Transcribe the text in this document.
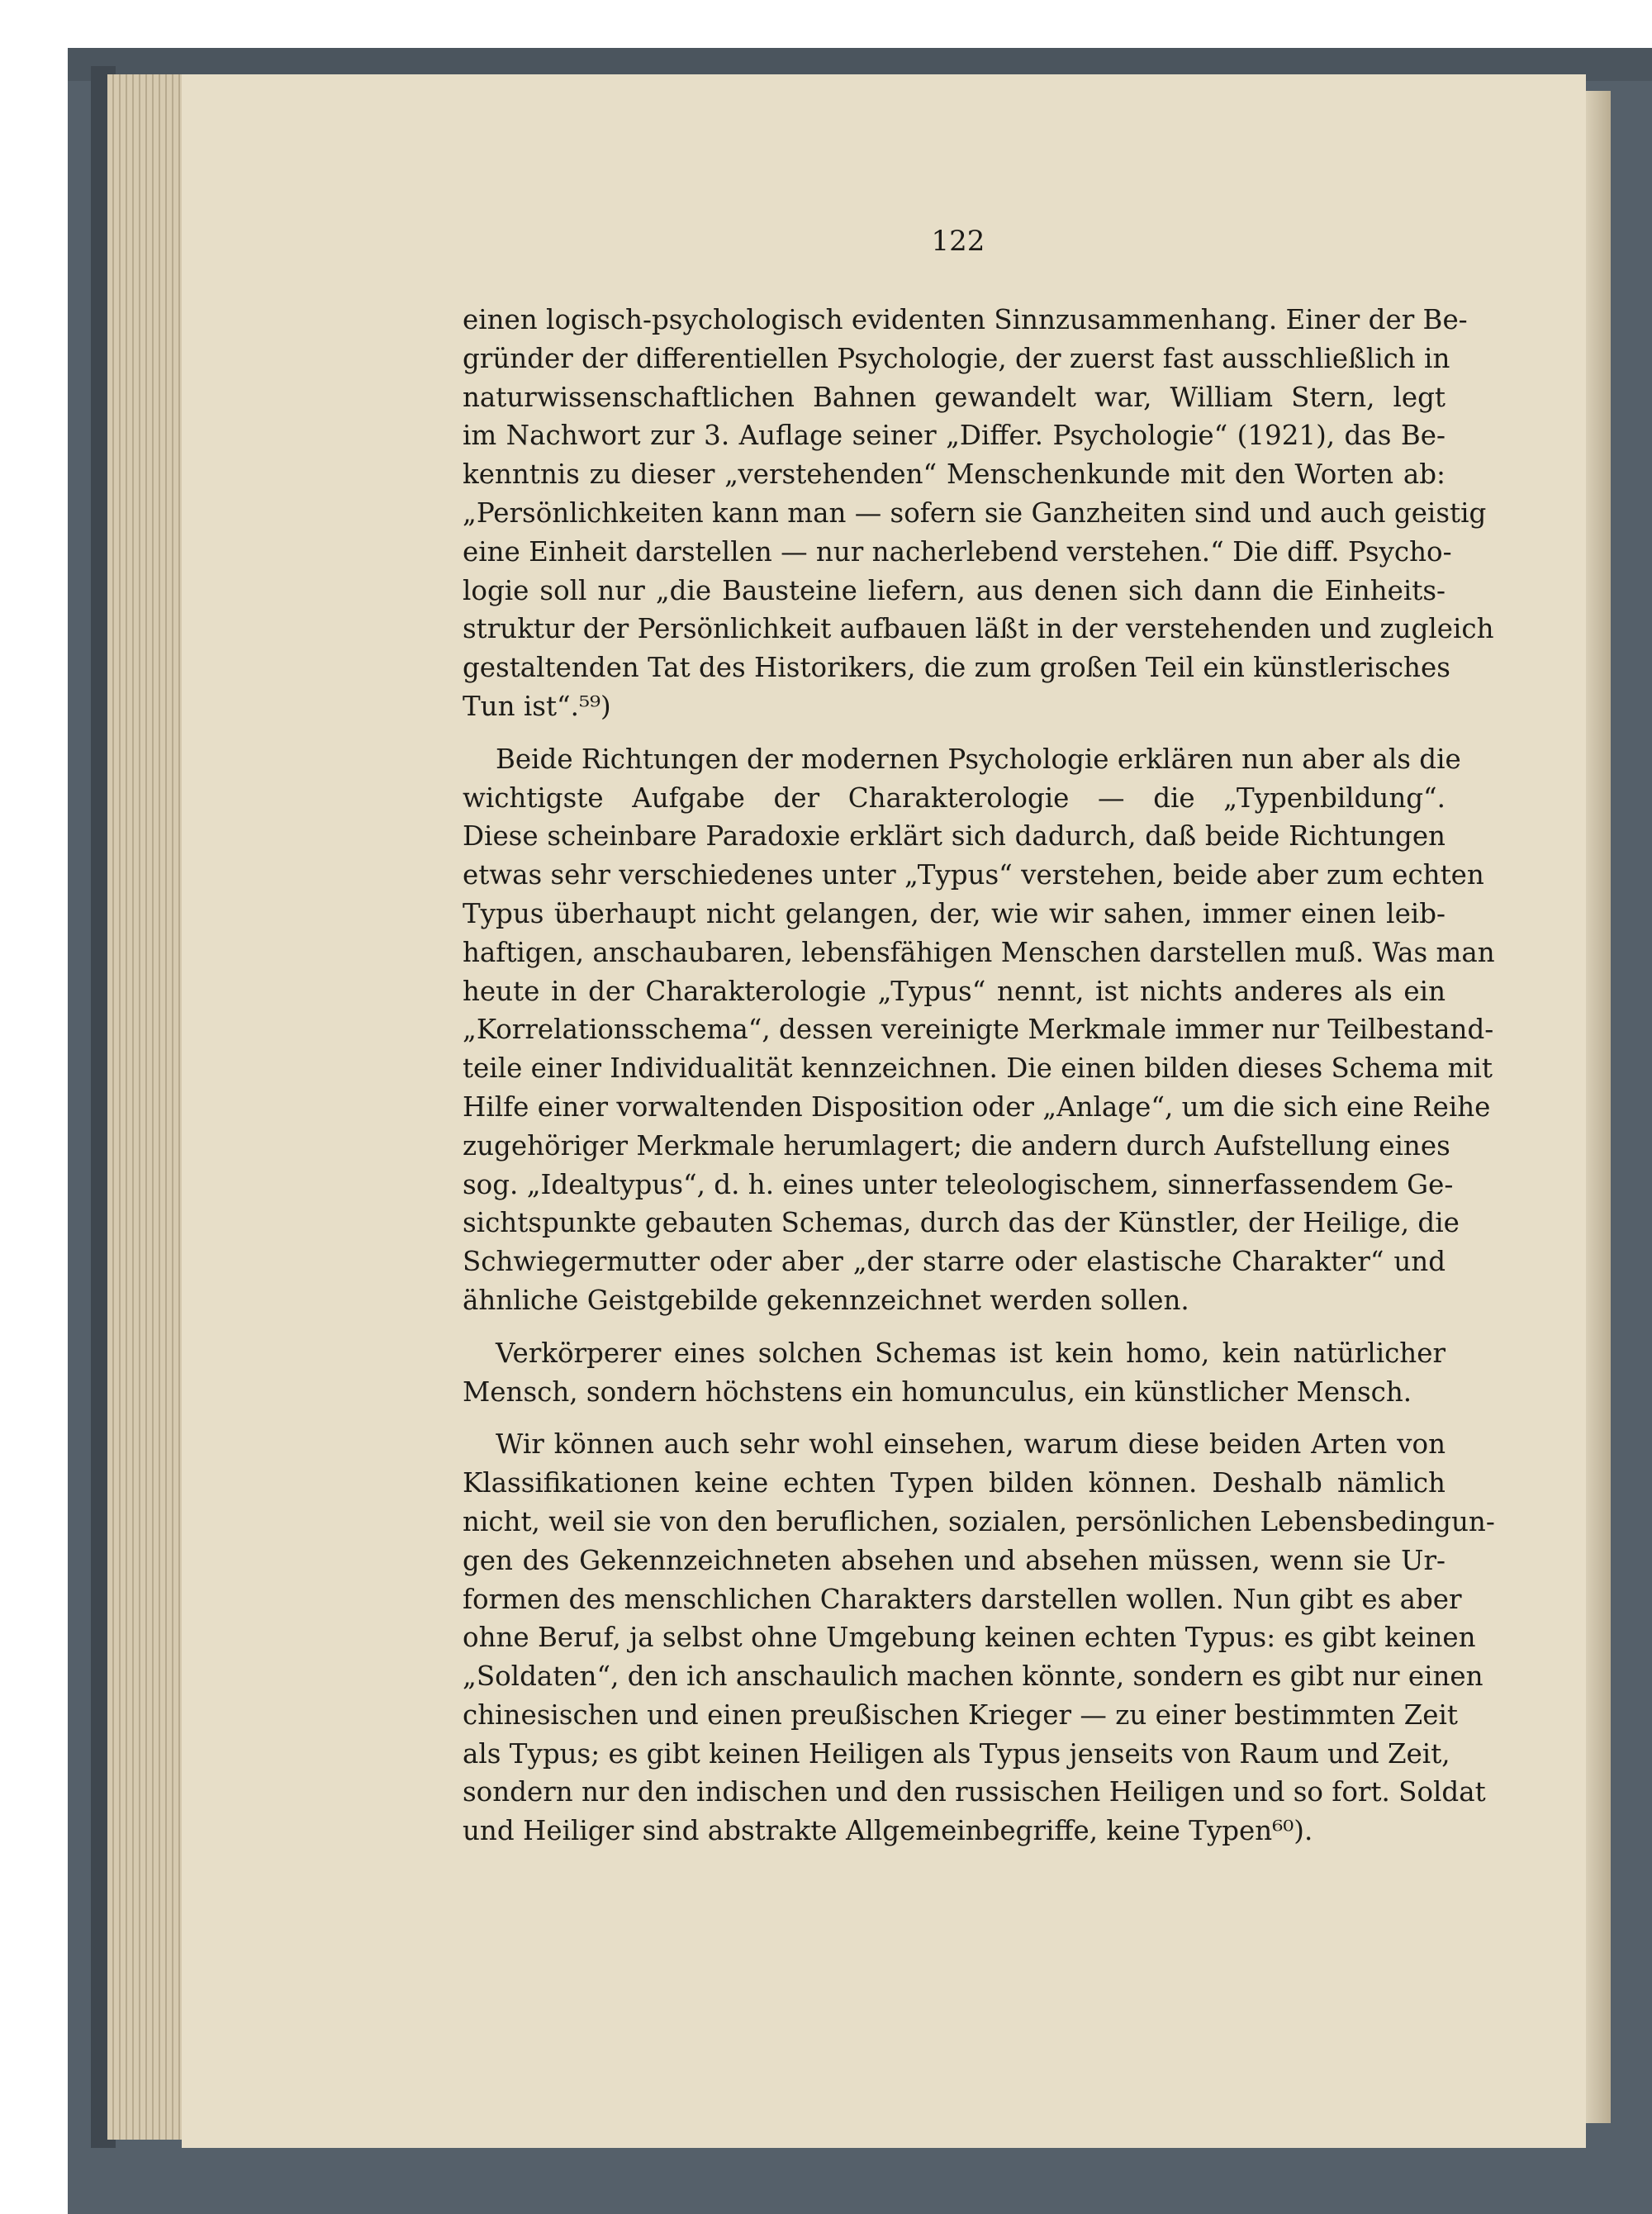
122

einen logisch-psychologisch evidenten Sinnzusammenhang. Einer der Be-
gründer der differentiellen Psychologie, der zuerst fast ausschließlich in
naturwissenschaftlichen Bahnen gewandelt war, William Stern, legt
im Nachwort zur 3. Auflage seiner „Differ. Psychologie“ (1921), das Be-
kenntnis zu dieser „verstehenden“ Menschenkunde mit den Worten ab:
„Persönlichkeiten kann man — sofern sie Ganzheiten sind und auch geistig
eine Einheit darstellen — nur nacherlebend verstehen.“ Die diff. Psycho-
logie soll nur „die Bausteine liefern, aus denen sich dann die Einheits-
struktur der Persönlichkeit aufbauen läßt in der verstehenden und zugleich
gestaltenden Tat des Historikers, die zum großen Teil ein künstlerisches
Tun ist“.⁵⁹)

Beide Richtungen der modernen Psychologie erklären nun aber als die
wichtigste Aufgabe der Charakterologie — die „Typenbildung“.
Diese scheinbare Paradoxie erklärt sich dadurch, daß beide Richtungen
etwas sehr verschiedenes unter „Typus“ verstehen, beide aber zum echten
Typus überhaupt nicht gelangen, der, wie wir sahen, immer einen leib-
haftigen, anschaubaren, lebensfähigen Menschen darstellen muß. Was man
heute in der Charakterologie „Typus“ nennt, ist nichts anderes als ein
„Korrelationsschema“, dessen vereinigte Merkmale immer nur Teilbestand-
teile einer Individualität kennzeichnen. Die einen bilden dieses Schema mit
Hilfe einer vorwaltenden Disposition oder „Anlage“, um die sich eine Reihe
zugehöriger Merkmale herumlagert; die andern durch Aufstellung eines
sog. „Idealtypus“, d. h. eines unter teleologischem, sinnerfassendem Ge-
sichtspunkte gebauten Schemas, durch das der Künstler, der Heilige, die
Schwiegermutter oder aber „der starre oder elastische Charakter“ und
ähnliche Geistgebilde gekennzeichnet werden sollen.

Verkörperer eines solchen Schemas ist kein homo, kein natürlicher
Mensch, sondern höchstens ein homunculus, ein künstlicher Mensch.

Wir können auch sehr wohl einsehen, warum diese beiden Arten von
Klassifikationen keine echten Typen bilden können. Deshalb nämlich
nicht, weil sie von den beruflichen, sozialen, persönlichen Lebensbedingun-
gen des Gekennzeichneten absehen und absehen müssen, wenn sie Ur-
formen des menschlichen Charakters darstellen wollen. Nun gibt es aber
ohne Beruf, ja selbst ohne Umgebung keinen echten Typus: es gibt keinen
„Soldaten“, den ich anschaulich machen könnte, sondern es gibt nur einen
chinesischen und einen preußischen Krieger — zu einer bestimmten Zeit
als Typus; es gibt keinen Heiligen als Typus jenseits von Raum und Zeit,
sondern nur den indischen und den russischen Heiligen und so fort. Soldat
und Heiliger sind abstrakte Allgemeinbegriffe, keine Typen⁶⁰).
